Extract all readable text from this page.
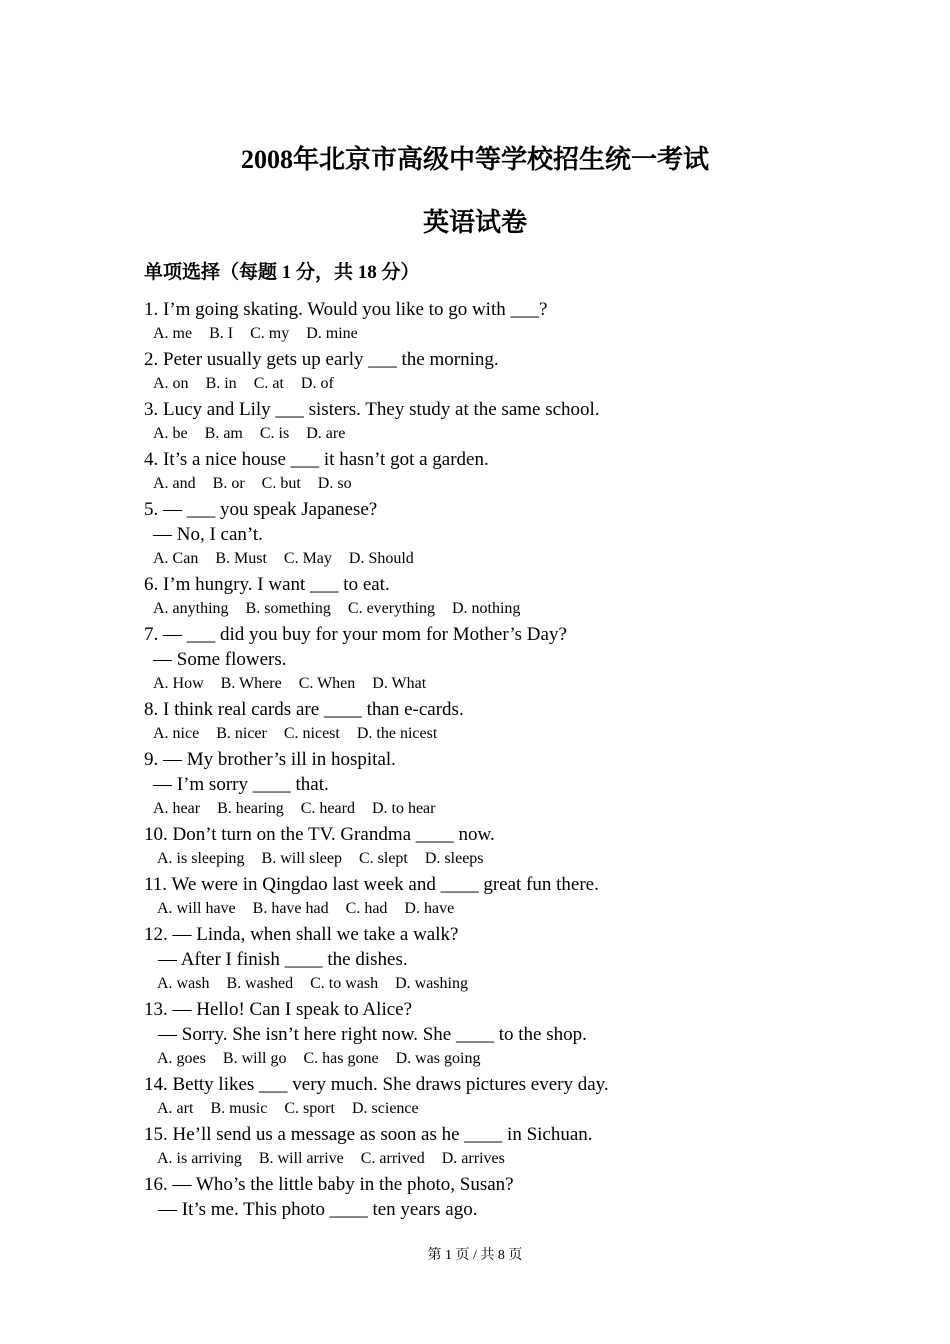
2008年北京市高级中等学校招生统一考试
英语试卷
单项选择（每题 1 分，共 18 分）
1. I’m going skating. Would you like to go with ___?
A. me B. I C. my D. mine
2. Peter usually gets up early ___ the morning.
A. on B. in C. at D. of
3. Lucy and Lily ___ sisters. They study at the same school.
A. be B. am C. is D. are
4. It’s a nice house ___ it hasn’t got a garden.
A. and B. or C. but D. so
5. — ___ you speak Japanese?
— No, I can’t.
A. Can B. Must C. May D. Should
6. I’m hungry. I want ___ to eat.
A. anything B. something C. everything D. nothing
7. — ___ did you buy for your mom for Mother’s Day?
— Some flowers.
A. How B. Where C. When D. What
8. I think real cards are ____ than e-cards.
A. nice B. nicer C. nicest D. the nicest
9. — My brother’s ill in hospital.
— I’m sorry ____ that.
A. hear B. hearing C. heard D. to hear
10. Don’t turn on the TV. Grandma ____ now.
A. is sleeping B. will sleep C. slept D. sleeps
11. We were in Qingdao last week and ____ great fun there.
A. will have B. have had C. had D. have
12. — Linda, when shall we take a walk?
— After I finish ____ the dishes.
A. wash B. washed C. to wash D. washing
13. — Hello! Can I speak to Alice?
— Sorry. She isn’t here right now. She ____ to the shop.
A. goes B. will go C. has gone D. was going
14. Betty likes ___ very much. She draws pictures every day.
A. art B. music C. sport D. science
15. He’ll send us a message as soon as he ____ in Sichuan.
A. is arriving B. will arrive C. arrived D. arrives
16. — Who’s the little baby in the photo, Susan?
— It’s me. This photo ____ ten years ago.
第 1 页 / 共 8 页
